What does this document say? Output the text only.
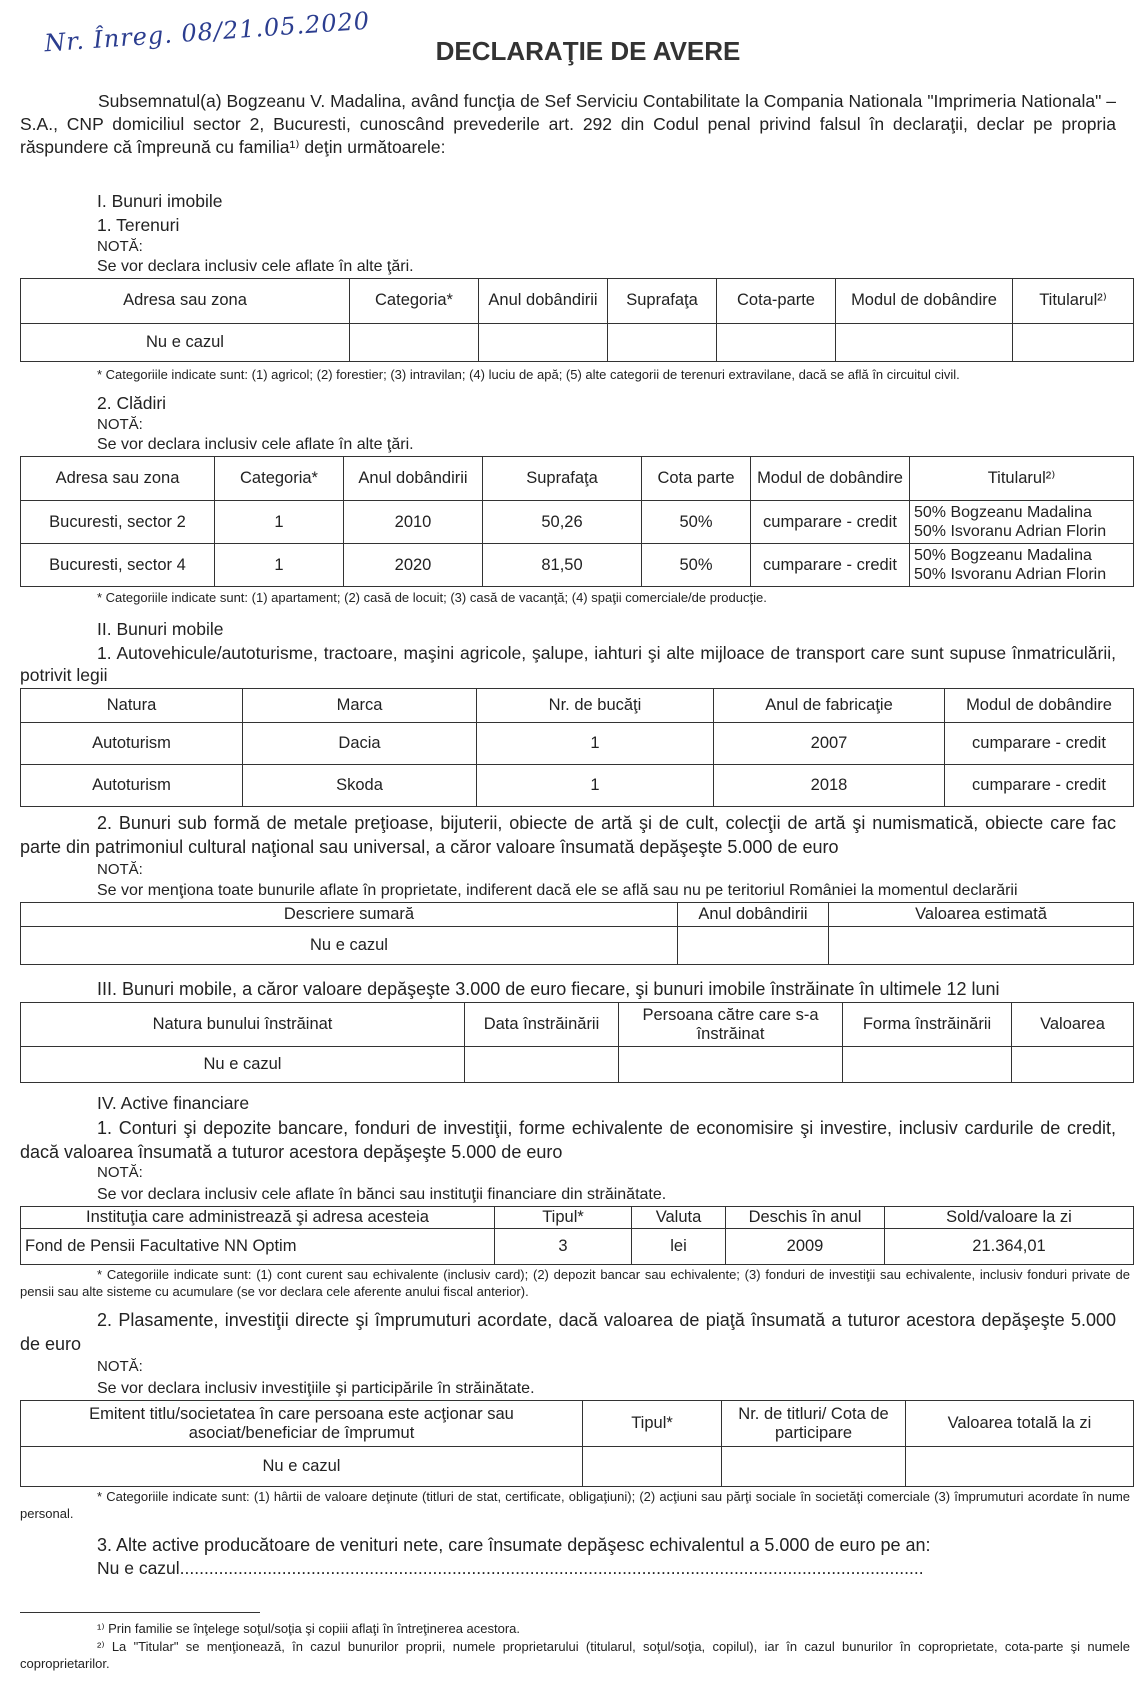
Nr. Înreg. 08/21.05.2020	DECLARAŢIE DE AVERE
Subsemnatul(a) Bogzeanu V. Madalina, având funcţia de Sef Serviciu Contabilitate la Compania Nationala "Imprimeria Nationala" – S.A., CNP domiciliul sector 2, Bucuresti, cunoscând prevederile art. 292 din Codul penal privind falsul în declaraţii, declar pe propria răspundere că împreună cu familia¹⁾ deţin următoarele:
I. Bunuri imobile
1. Terenuri
NOTĂ:
Se vor declara inclusiv cele aflate în alte ţări.
Adresa sau zona	Categoria*	Anul dobândirii	Suprafaţa	Cota-parte	Modul de dobândire	Titularul²⁾
Nu e cazul						
* Categoriile indicate sunt: (1) agricol; (2) forestier; (3) intravilan; (4) luciu de apă; (5) alte categorii de terenuri extravilane, dacă se află în circuitul civil.
2. Clădiri
NOTĂ:
Se vor declara inclusiv cele aflate în alte ţări.
Adresa sau zona	Categoria*	Anul dobândirii	Suprafaţa	Cota parte	Modul de dobândire	Titularul²⁾
Bucuresti, sector 2	1	2010	50,26	50%	cumparare - credit	50% Bogzeanu Madalina
50% Isvoranu Adrian Florin

Bucuresti, sector 4	1	2020	81,50	50%	cumparare - credit	50% Bogzeanu Madalina
50% Isvoranu Adrian Florin
* Categoriile indicate sunt: (1) apartament; (2) casă de locuit; (3) casă de vacanţă; (4) spaţii comerciale/de producţie.
II. Bunuri mobile
1. Autovehicule/autoturisme, tractoare, maşini agricole, şalupe, iahturi şi alte mijloace de transport care sunt supuse înmatriculării, potrivit legii
Natura	Marca	Nr. de bucăţi	Anul de fabricaţie	Modul de dobândire
Autoturism	Dacia	1	2007	cumparare - credit
Autoturism	Skoda	1	2018	cumparare - credit
2. Bunuri sub formă de metale preţioase, bijuterii, obiecte de artă şi de cult, colecţii de artă şi numismatică, obiecte care fac parte din patrimoniul cultural naţional sau universal, a căror valoare însumată depăşeşte 5.000 de euro
NOTĂ:
Se vor menţiona toate bunurile aflate în proprietate, indiferent dacă ele se află sau nu pe teritoriul României la momentul declarării
Descriere sumară	Anul dobândirii	Valoarea estimată
Nu e cazul		
III. Bunuri mobile, a căror valoare depăşeşte 3.000 de euro fiecare, şi bunuri imobile înstrăinate în ultimele 12 luni
Natura bunului înstrăinat	Data înstrăinării	Persoana către care s-a înstrăinat	Forma înstrăinării	Valoarea
Nu e cazul				
IV. Active financiare
1. Conturi şi depozite bancare, fonduri de investiţii, forme echivalente de economisire şi investire, inclusiv cardurile de credit, dacă valoarea însumată a tuturor acestora depăşeşte 5.000 de euro
NOTĂ:
Se vor declara inclusiv cele aflate în bănci sau instituţii financiare din străinătate.
Instituţia care administrează şi adresa acesteia	Tipul*	Valuta	Deschis în anul	Sold/valoare la zi
Fond de Pensii Facultative NN Optim	3	lei	2009	21.364,01
* Categoriile indicate sunt: (1) cont curent sau echivalente (inclusiv card); (2) depozit bancar sau echivalente; (3) fonduri de investiţii sau echivalente, inclusiv fonduri private de pensii sau alte sisteme cu acumulare (se vor declara cele aferente anului fiscal anterior).
2. Plasamente, investiţii directe şi împrumuturi acordate, dacă valoarea de piaţă însumată a tuturor acestora depăşeşte 5.000 de euro
NOTĂ:
Se vor declara inclusiv investiţiile şi participările în străinătate.
Emitent titlu/societatea în care persoana este acţionar sau asociat/beneficiar de împrumut	Tipul*	Nr. de titluri/ Cota de participare	Valoarea totală la zi
Nu e cazul			
* Categoriile indicate sunt: (1) hârtii de valoare deţinute (titluri de stat, certificate, obligaţiuni); (2) acţiuni sau părţi sociale în societăţi comerciale (3) împrumuturi acordate în nume personal.
3. Alte active producătoare de venituri nete, care însumate depăşesc echivalentul a 5.000 de euro pe an:
Nu e cazul.........................................................................................................................................................
¹⁾ Prin familie se înţelege soţul/soţia şi copiii aflaţi în întreţinerea acestora.
²⁾ La "Titular" se menţionează, în cazul bunurilor proprii, numele proprietarului (titularul, soţul/soţia, copilul), iar în cazul bunurilor în coproprietate, cota-parte şi numele coproprietarilor.
